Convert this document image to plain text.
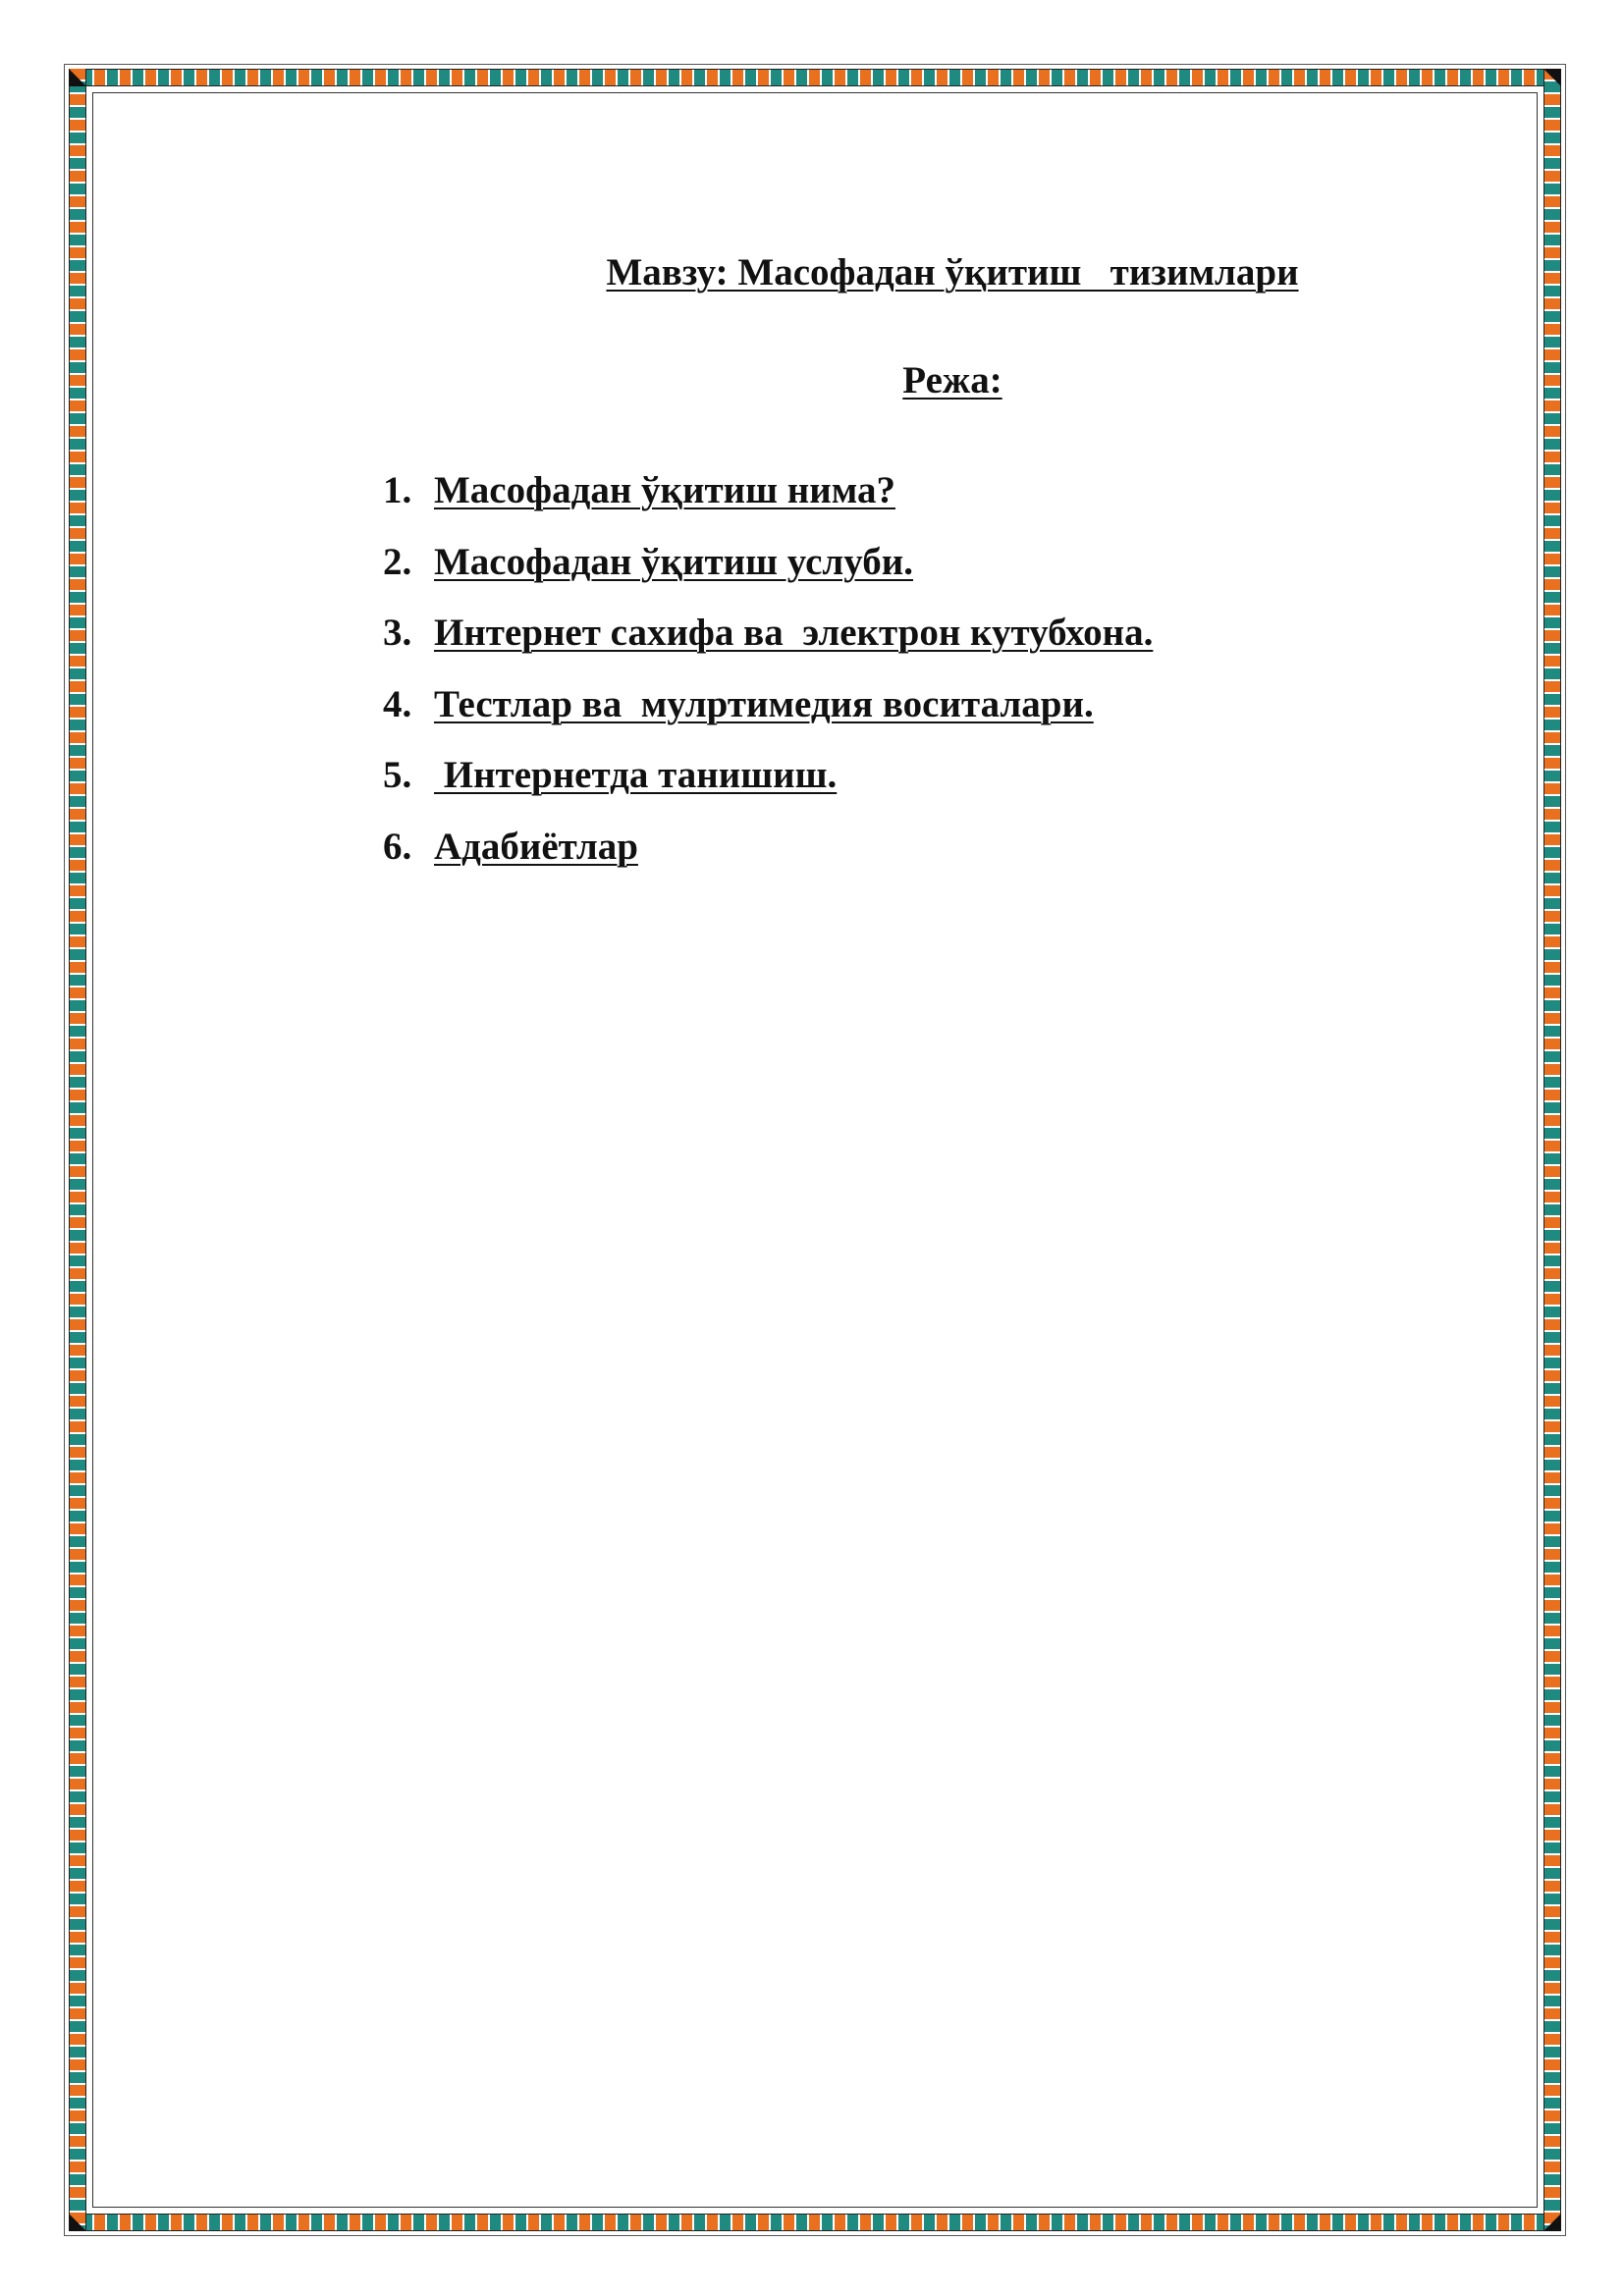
Мавзу: Масофадан ўқитиш   тизимлари
Режа:
1. Масофадан ўқитиш нима?
2. Масофадан ўқитиш услуби.
3. Интернет сахифа ва  электрон кутубхона.
4. Тестлар ва  мулртимедия воситалари.
5. Интернетда танишиш.
6. Адабиётлар
